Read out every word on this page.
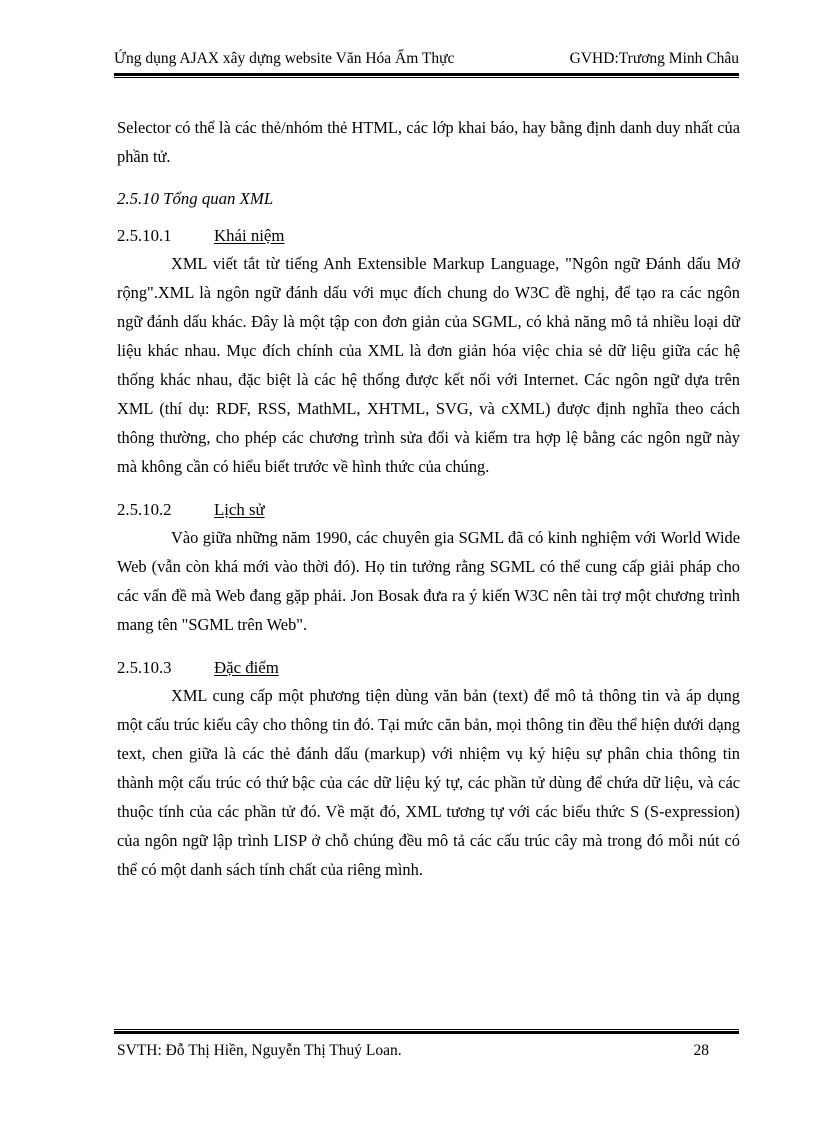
Ứng dụng AJAX xây dựng website Văn Hóa Ẩm Thực	GVHD:Trương Minh Châu

Selector có thể là các thẻ/nhóm thẻ HTML, các lớp khai báo, hay bằng định danh duy nhất của phần tử.

2.5.10 Tổng quan XML
2.5.10.1	Khái niệm

XML viết tắt từ tiếng Anh Extensible Markup Language, "Ngôn ngữ Đánh dấu Mở rộng".XML là ngôn ngữ đánh dấu với mục đích chung do W3C đề nghị, để tạo ra các ngôn ngữ đánh dấu khác. Đây là một tập con đơn giản của SGML, có khả năng mô tả nhiều loại dữ liệu khác nhau. Mục đích chính của XML là đơn giản hóa việc chia sẻ dữ liệu giữa các hệ thống khác nhau, đặc biệt là các hệ thống được kết nối với Internet. Các ngôn ngữ dựa trên XML (thí dụ: RDF, RSS, MathML, XHTML, SVG, và cXML) được định nghĩa theo cách thông thường, cho phép các chương trình sửa đổi và kiểm tra hợp lệ bằng các ngôn ngữ này mà không cần có hiểu biết trước về hình thức của chúng.

2.5.10.2	Lịch sử

Vào giữa những năm 1990, các chuyên gia SGML đã có kinh nghiệm với World Wide Web (vẫn còn khá mới vào thời đó). Họ tin tưởng rằng SGML có thể cung cấp giải pháp cho các vấn đề mà Web đang gặp phải. Jon Bosak đưa ra ý kiến W3C nên tài trợ một chương trình mang tên "SGML trên Web".

2.5.10.3	Đặc điểm

XML cung cấp một phương tiện dùng văn bản (text) để mô tả thông tin và áp dụng một cấu trúc kiểu cây cho thông tin đó. Tại mức căn bản, mọi thông tin đều thể hiện dưới dạng text, chen giữa là các thẻ đánh dấu (markup) với nhiệm vụ ký hiệu sự phân chia thông tin thành một cấu trúc có thứ bậc của các dữ liệu ký tự, các phần tử dùng để chứa dữ liệu, và các thuộc tính của các phần tử đó. Về mặt đó, XML tương tự với các biểu thức S (S-expression) của ngôn ngữ lập trình LISP ở chỗ chúng đều mô tả các cấu trúc cây mà trong đó mỗi nút có thể có một danh sách tính chất của riêng mình.

SVTH: Đỗ Thị Hiền, Nguyễn Thị Thuý Loan.	28
